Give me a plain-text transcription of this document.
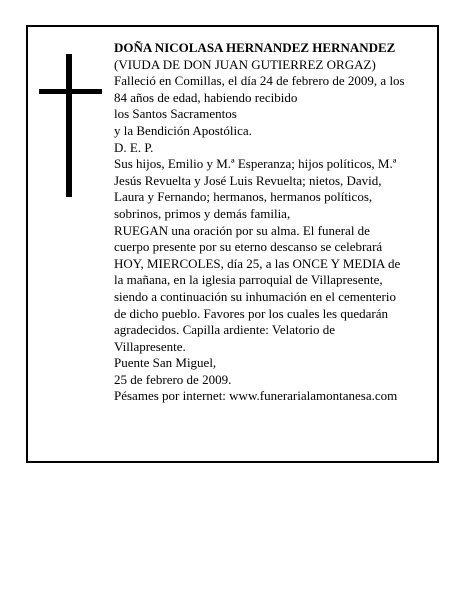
DOÑA NICOLASA HERNANDEZ HERNANDEZ
(VIUDA DE DON JUAN GUTIERREZ ORGAZ)
Falleció en Comillas, el día 24 de febrero de 2009, a los
84 años de edad, habiendo recibido
los Santos Sacramentos
y la Bendición Apostólica.
D. E. P.
Sus hijos, Emilio y M.ª Esperanza; hijos políticos, M.ª
Jesús Revuelta y José Luis Revuelta; nietos, David,
Laura y Fernando; hermanos, hermanos políticos,
sobrinos, primos y demás familia,
RUEGAN una oración por su alma. El funeral de
cuerpo presente por su eterno descanso se celebrará
HOY, MIERCOLES, día 25, a las ONCE Y MEDIA de
la mañana, en la iglesia parroquial de Villapresente,
siendo a continuación su inhumación en el cementerio
de dicho pueblo. Favores por los cuales les quedarán
agradecidos. Capilla ardiente: Velatorio de
Villapresente.
Puente San Miguel,
25 de febrero de 2009.
Pésames por internet: www.funerarialamontanesa.com
